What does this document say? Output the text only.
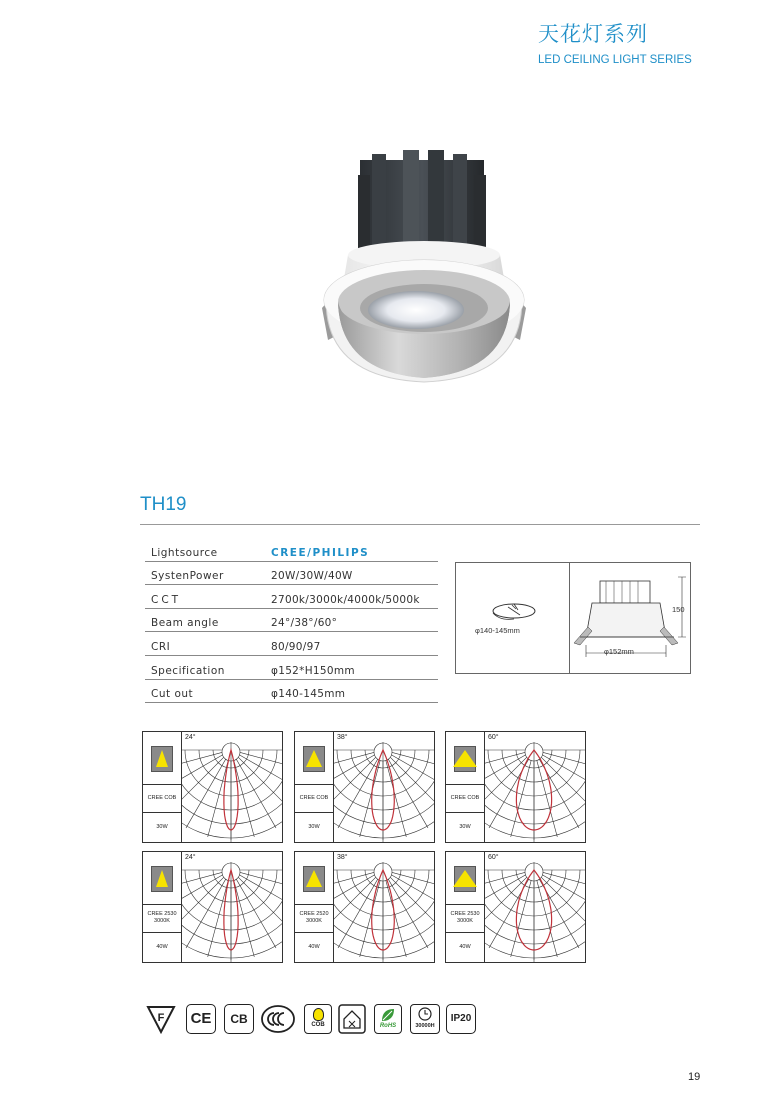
天花灯系列
LED CEILING LIGHT SERIES
TH19
Lightsource	CREE/PHILIPS
SystenPower	20W/30W/40W
CCT	2700k/3000k/4000k/5000k
Beam angle	24°/38°/60°
CRI	80/90/97
Specification	φ152*H150mm
Cut out	φ140-145mm
φ140-145mm
150
φ152mm
CREE COB
30W
24°
CREE COB
30W
38°
CREE COB
30W
60°
CREE 2530
3000K
40W
24°
CREE 2520
3000K
40W
38°
CREE 2530
3000K
40W
60°
F	CE	CB	COB	RoHS	30000H
IP20
19
